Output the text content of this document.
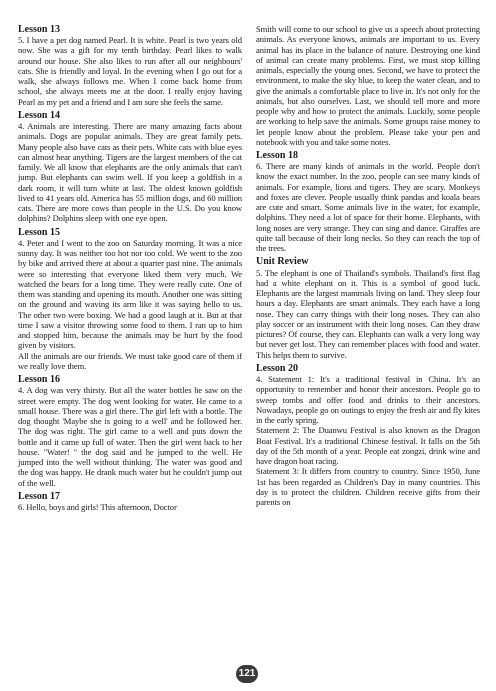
Lesson 13

5. I have a pet dog named Pearl. It is white. Pearl is two years old now. She was a gift for my tenth birthday. Pearl likes to walk around our house. She also likes to run after all our neighbours' cats. She is friendly and loyal. In the evening when I go out for a walk, she always follows me. When I come back home from school, she always meets me at the door. I really enjoy having Pearl as my pet and a friend and I am sure she feels the same.

Lesson 14

4. Animals are interesting. There are many amazing facts about animals. Dogs are popular animals. They are great family pets. Many people also have cats as their pets. White cats with blue eyes can almost hear anything. Tigers are the largest members of the cat family. We all know that elephants are the only animals that can't jump. But elephants can swim well. If you keep a goldfish in a dark room, it will turn white at last. The oldest known goldfish lived to 41 years old. America has 55 million dogs, and 60 million cats. There are more cows than people in the U.S. Do you know dolphins? Dolphins sleep with one eye open.

Lesson 15

4. Peter and I went to the zoo on Saturday morning. It was a nice sunny day. It was neither too hot nor too cold. We went to the zoo by bike and arrived there at about a quarter past nine. The animals were so interesting that everyone liked them very much. We watched the bears for a long time. They were really cute. One of them was standing and opening its mouth. Another one was sitting on the ground and waving its arm like it was saying hello to us. The other two were boxing. We had a good laugh at it. But at that time I saw a visitor throwing some food to them. I ran up to him and stopped him, because the animals may be hurt by the food given by visitors.

All the animals are our friends. We must take good care of them if we really love them.

Lesson 16

4. A dog was very thirsty. But all the water bottles he saw on the street were empty. The dog went looking for water. He came to a small house. There was a girl there. The girl left with a bottle. The dog thought 'Maybe she is going to a well' and he followed her. The dog was right. The girl came to a well and puts down the bottle and it came up full of water. Then the girl went back to her house. "Water! " the dog said and he jumped to the well. He jumped into the well without thinking. The water was good and the dog was happy. He drank much water but he couldn't jump out of the well.

Lesson 17

6. Hello, boys and girls! This afternoon, Doctor

Smith will come to our school to give us a speech about protecting animals. As everyone knows, animals are important to us. Every animal has its place in the balance of nature. Destroying one kind of animal can create many problems. First, we must stop killing animals, especially the young ones. Second, we have to protect the environment, to make the sky blue, to keep the water clean, and to give the animals a comfortable place to live in. It's not only for the animals, but also ourselves. Last, we should tell more and more people why and how to protect the animals. Luckily, some people are working to help save the animals. Some groups raise money to let people know about the problem. Please take your pen and notebook with you and take some notes.

Lesson 18

6. There are many kinds of animals in the world. People don't know the exact number. In the zoo, people can see many kinds of animals. For example, lions and tigers. They are scary. Monkeys and foxes are clever. People usually think pandas and koala bears are cute and smart. Some animals live in the water, for example, dolphins. They need a lot of space for their home. Elephants, with long noses are very strange. They can sing and dance. Giraffes are quite tall because of their long necks. So they can reach the top of the trees.

Unit Review

5. The elephant is one of Thailand's symbols. Thailand's first flag had a white elephant on it. This is a symbol of good luck. Elephants are the largest mammals living on land. They sleep four hours a day. Elephants are smart animals. They each have a long nose. They can carry things with their long noses. They can also play soccer or an instrument with their long noses. Can they draw pictures? Of course, they can. Elephants can walk a very long way but never get lost. They can remember places with food and water. This helps them to survive.

Lesson 20

4. Statement 1: It's a traditional festival in China. It's an opportunity to remember and honor their ancestors. People go to sweep tombs and offer food and drinks to their ancestors. Nowadays, people go on outings to enjoy the fresh air and fly kites in the early spring.

Statement 2: The Duanwu Festival is also known as the Dragon Boat Festival. It's a traditional Chinese festival. It falls on the 5th day of the 5th month of a year. People eat zongzi, drink wine and have dragon boat racing.

Statement 3: It differs from country to country. Since 1950, June 1st has been regarded as Children's Day in many countries. This day is to protect the children. Children receive gifts from their parents on

121
